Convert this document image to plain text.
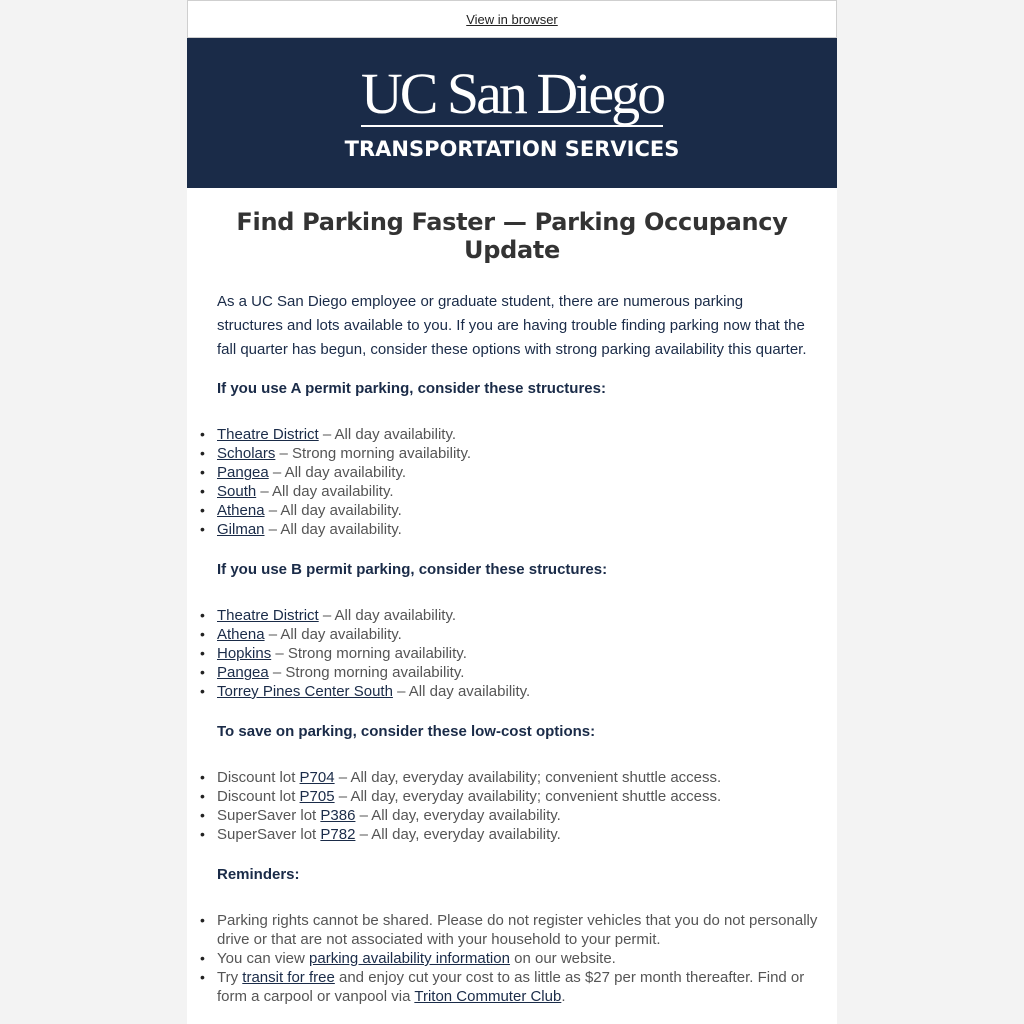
View in browser
UC San Diego
TRANSPORTATION SERVICES
Find Parking Faster — Parking Occupancy Update

As a UC San Diego employee or graduate student, there are numerous parking structures and lots available to you. If you are having trouble finding parking now that the fall quarter has begun, consider these options with strong parking availability this quarter.

If you use A permit parking, consider these structures:
• Theatre District – All day availability.
• Scholars – Strong morning availability.
• Pangea – All day availability.
• South – All day availability.
• Athena – All day availability.
• Gilman – All day availability.
If you use B permit parking, consider these structures:
• Theatre District – All day availability.
• Athena – All day availability.
• Hopkins – Strong morning availability.
• Pangea – Strong morning availability.
• Torrey Pines Center South – All day availability.
To save on parking, consider these low-cost options:
• Discount lot P704 – All day, everyday availability; convenient shuttle access.
• Discount lot P705 – All day, everyday availability; convenient shuttle access.
• SuperSaver lot P386 – All day, everyday availability.
• SuperSaver lot P782 – All day, everyday availability.
Reminders:
• Parking rights cannot be shared. Please do not register vehicles that you do not personally drive or that are not associated with your household to your permit.
• You can view parking availability information on our website.
• Try transit for free and enjoy cut your cost to as little as $27 per month thereafter. Find or form a carpool or vanpool via Triton Commuter Club.
